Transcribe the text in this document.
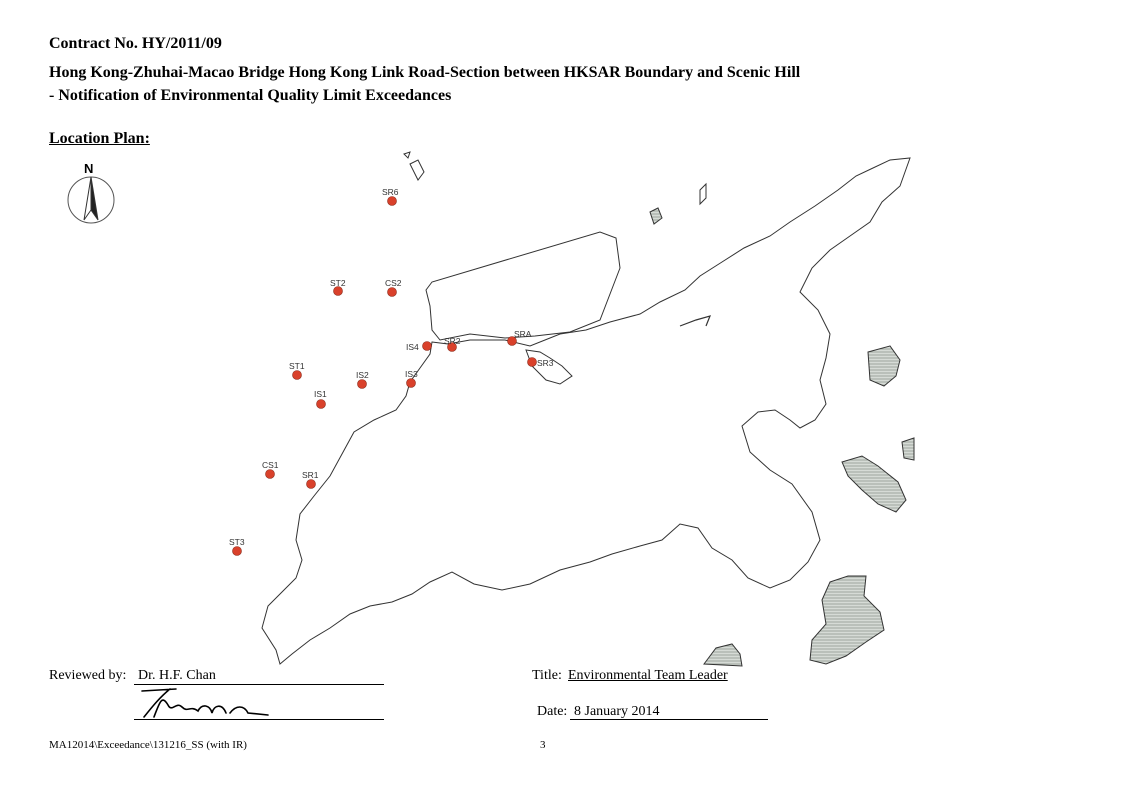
Contract No. HY/2011/09
Hong Kong-Zhuhai-Macao Bridge Hong Kong Link Road-Section between HKSAR Boundary and Scenic Hill
- Notification of Environmental Quality Limit Exceedances
Location Plan:
N
SR6
ST2	CS2
IS4
SR2
SRA
SR3
ST1
IS2	IS3
IS1
CS1
SR1
ST3
Reviewed by: Dr. H.F. Chan	Title: Environmental Team Leader
Date: 8 January 2014
MA12014\Exceedance\131216_SS (with IR)	3
